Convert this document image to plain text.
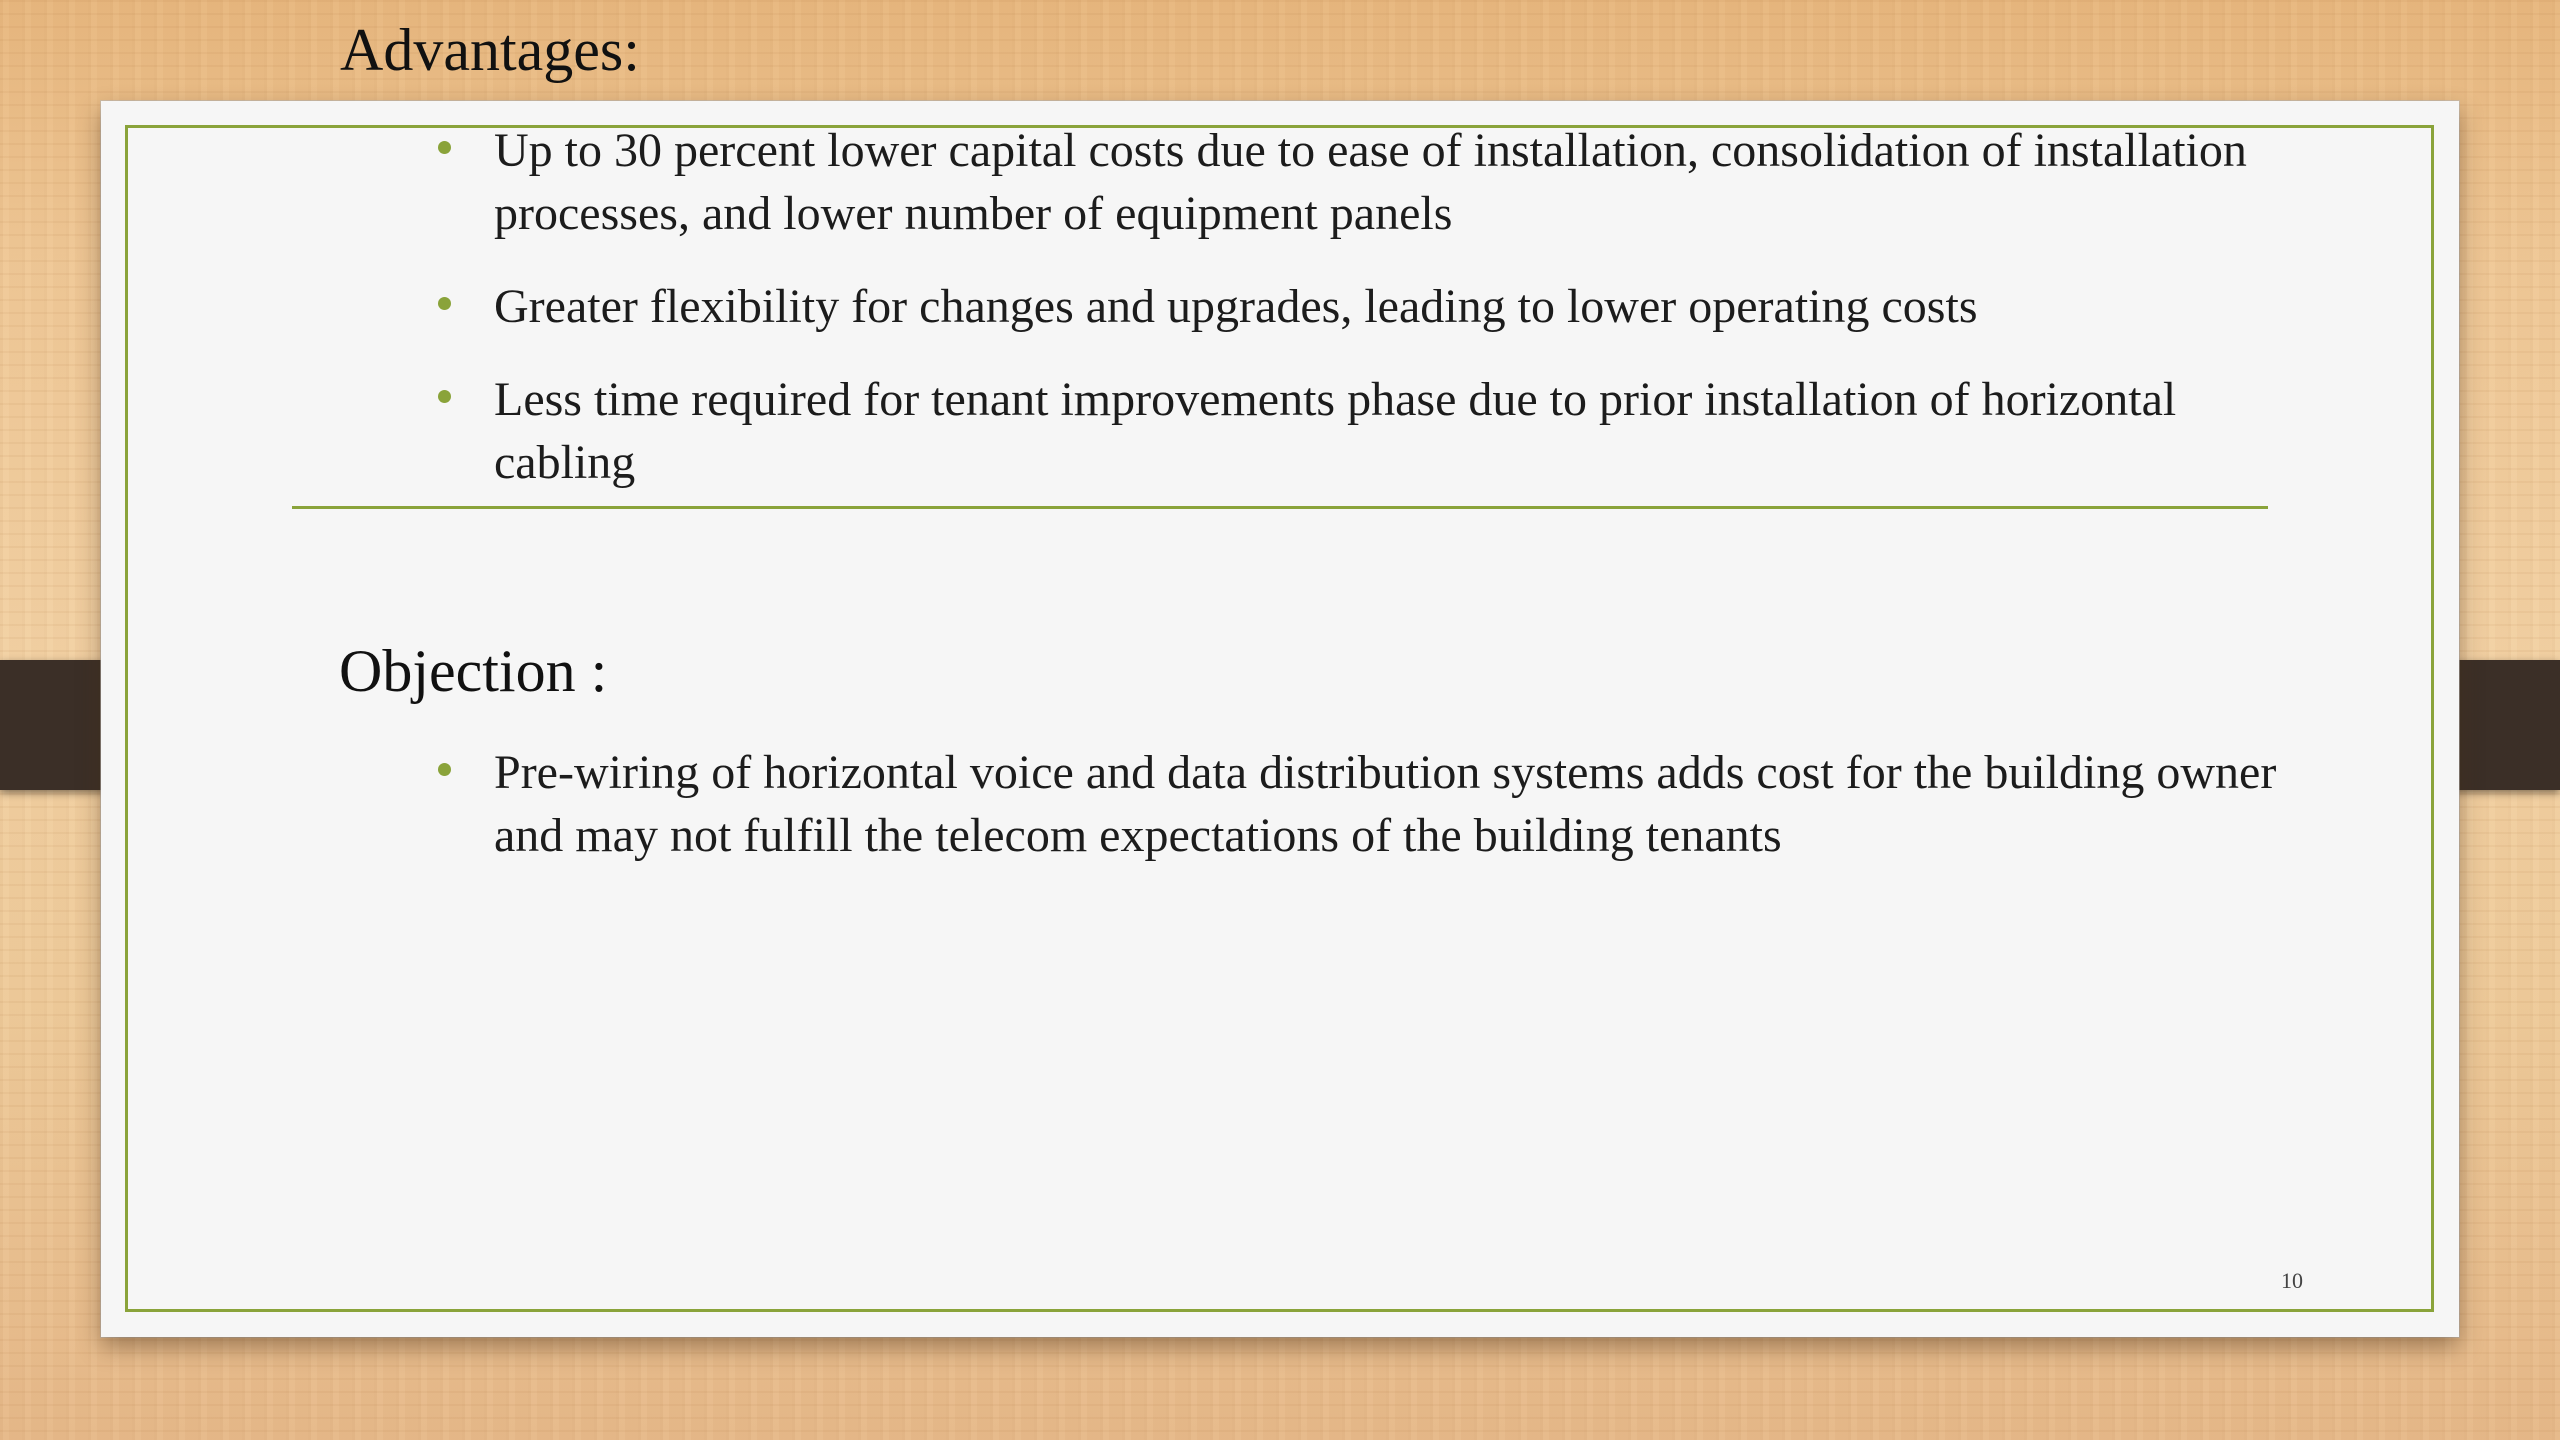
Advantages:
Up to 30 percent lower capital costs due to ease of installation, consolidation of installation processes, and lower number of equipment panels
Greater flexibility for changes and upgrades, leading to lower operating costs
Less time required for tenant improvements phase due to prior installation of horizontal cabling
Objection :
Pre-wiring of horizontal voice and data distribution systems adds cost for the building owner and may not fulfill the telecom expectations of the building tenants
10
